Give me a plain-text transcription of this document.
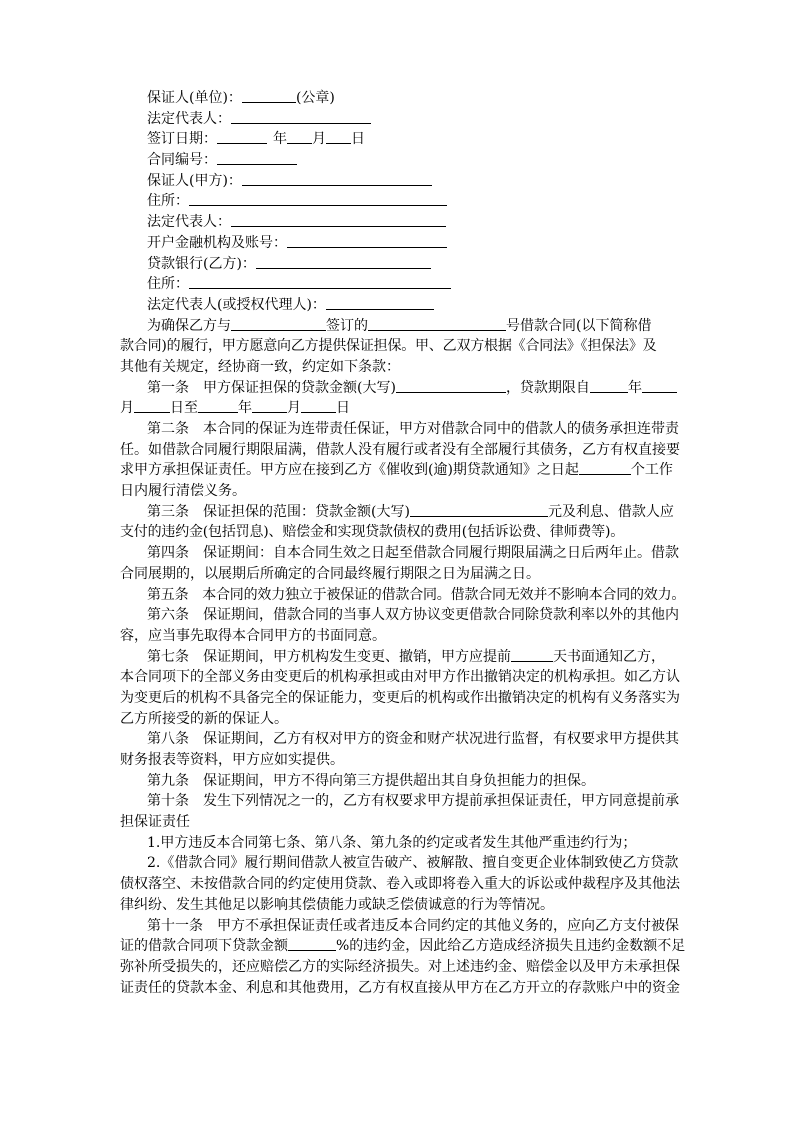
保证人(单位)：	(公章)
法定代表人：
签订日期：	年 月 日
合同编号：
保证人(甲方)：
住所：
法定代表人：
开户金融机构及账号：
贷款银行(乙方)：
住所：
法定代表人(或授权代理人)：
为确保乙方与	签订的	号借款合同(以下简称借
款合同)的履行，甲方愿意向乙方提供保证担保。甲、乙双方根据《合同法》《担保法》及
其他有关规定，经协商一致，约定如下条款：
第一条　甲方保证担保的贷款金额(大写)	，贷款期限自	年
月	日至	年	月	日
第二条　本合同的保证为连带责任保证，甲方对借款合同中的借款人的债务承担连带责
任。如借款合同履行期限届满，借款人没有履行或者没有全部履行其债务，乙方有权直接要
求甲方承担保证责任。甲方应在接到乙方《催收到(逾)期贷款通知》之日起	个工作
日内履行清偿义务。
第三条　保证担保的范围：贷款金额(大写)	元及利息、借款人应
支付的违约金(包括罚息)、赔偿金和实现贷款债权的费用(包括诉讼费、律师费等)。
第四条　保证期间：自本合同生效之日起至借款合同履行期限届满之日后两年止。借款
合同展期的，以展期后所确定的合同最终履行期限之日为届满之日。
第五条　本合同的效力独立于被保证的借款合同。借款合同无效并不影响本合同的效力。
第六条　保证期间，借款合同的当事人双方协议变更借款合同除贷款利率以外的其他内
容，应当事先取得本合同甲方的书面同意。
第七条　保证期间，甲方机构发生变更、撤销，甲方应提前	天书面通知乙方，
本合同项下的全部义务由变更后的机构承担或由对甲方作出撤销决定的机构承担。如乙方认
为变更后的机构不具备完全的保证能力，变更后的机构或作出撤销决定的机构有义务落实为
乙方所接受的新的保证人。
第八条　保证期间，乙方有权对甲方的资金和财产状况进行监督，有权要求甲方提供其
财务报表等资料，甲方应如实提供。
第九条　保证期间，甲方不得向第三方提供超出其自身负担能力的担保。
第十条　发生下列情况之一的，乙方有权要求甲方提前承担保证责任，甲方同意提前承
担保证责任
1.甲方违反本合同第七条、第八条、第九条的约定或者发生其他严重违约行为；
2.《借款合同》履行期间借款人被宣告破产、被解散、擅自变更企业体制致使乙方贷款
债权落空、未按借款合同的约定使用贷款、卷入或即将卷入重大的诉讼或仲裁程序及其他法
律纠纷、发生其他足以影响其偿债能力或缺乏偿债诚意的行为等情况。
第十一条　甲方不承担保证责任或者违反本合同约定的其他义务的，应向乙方支付被保
证的借款合同项下贷款金额	%的违约金，因此给乙方造成经济损失且违约金数额不足
弥补所受损失的，还应赔偿乙方的实际经济损失。对上述违约金、赔偿金以及甲方未承担保
证责任的贷款本金、利息和其他费用，乙方有权直接从甲方在乙方开立的存款账户中的资金
